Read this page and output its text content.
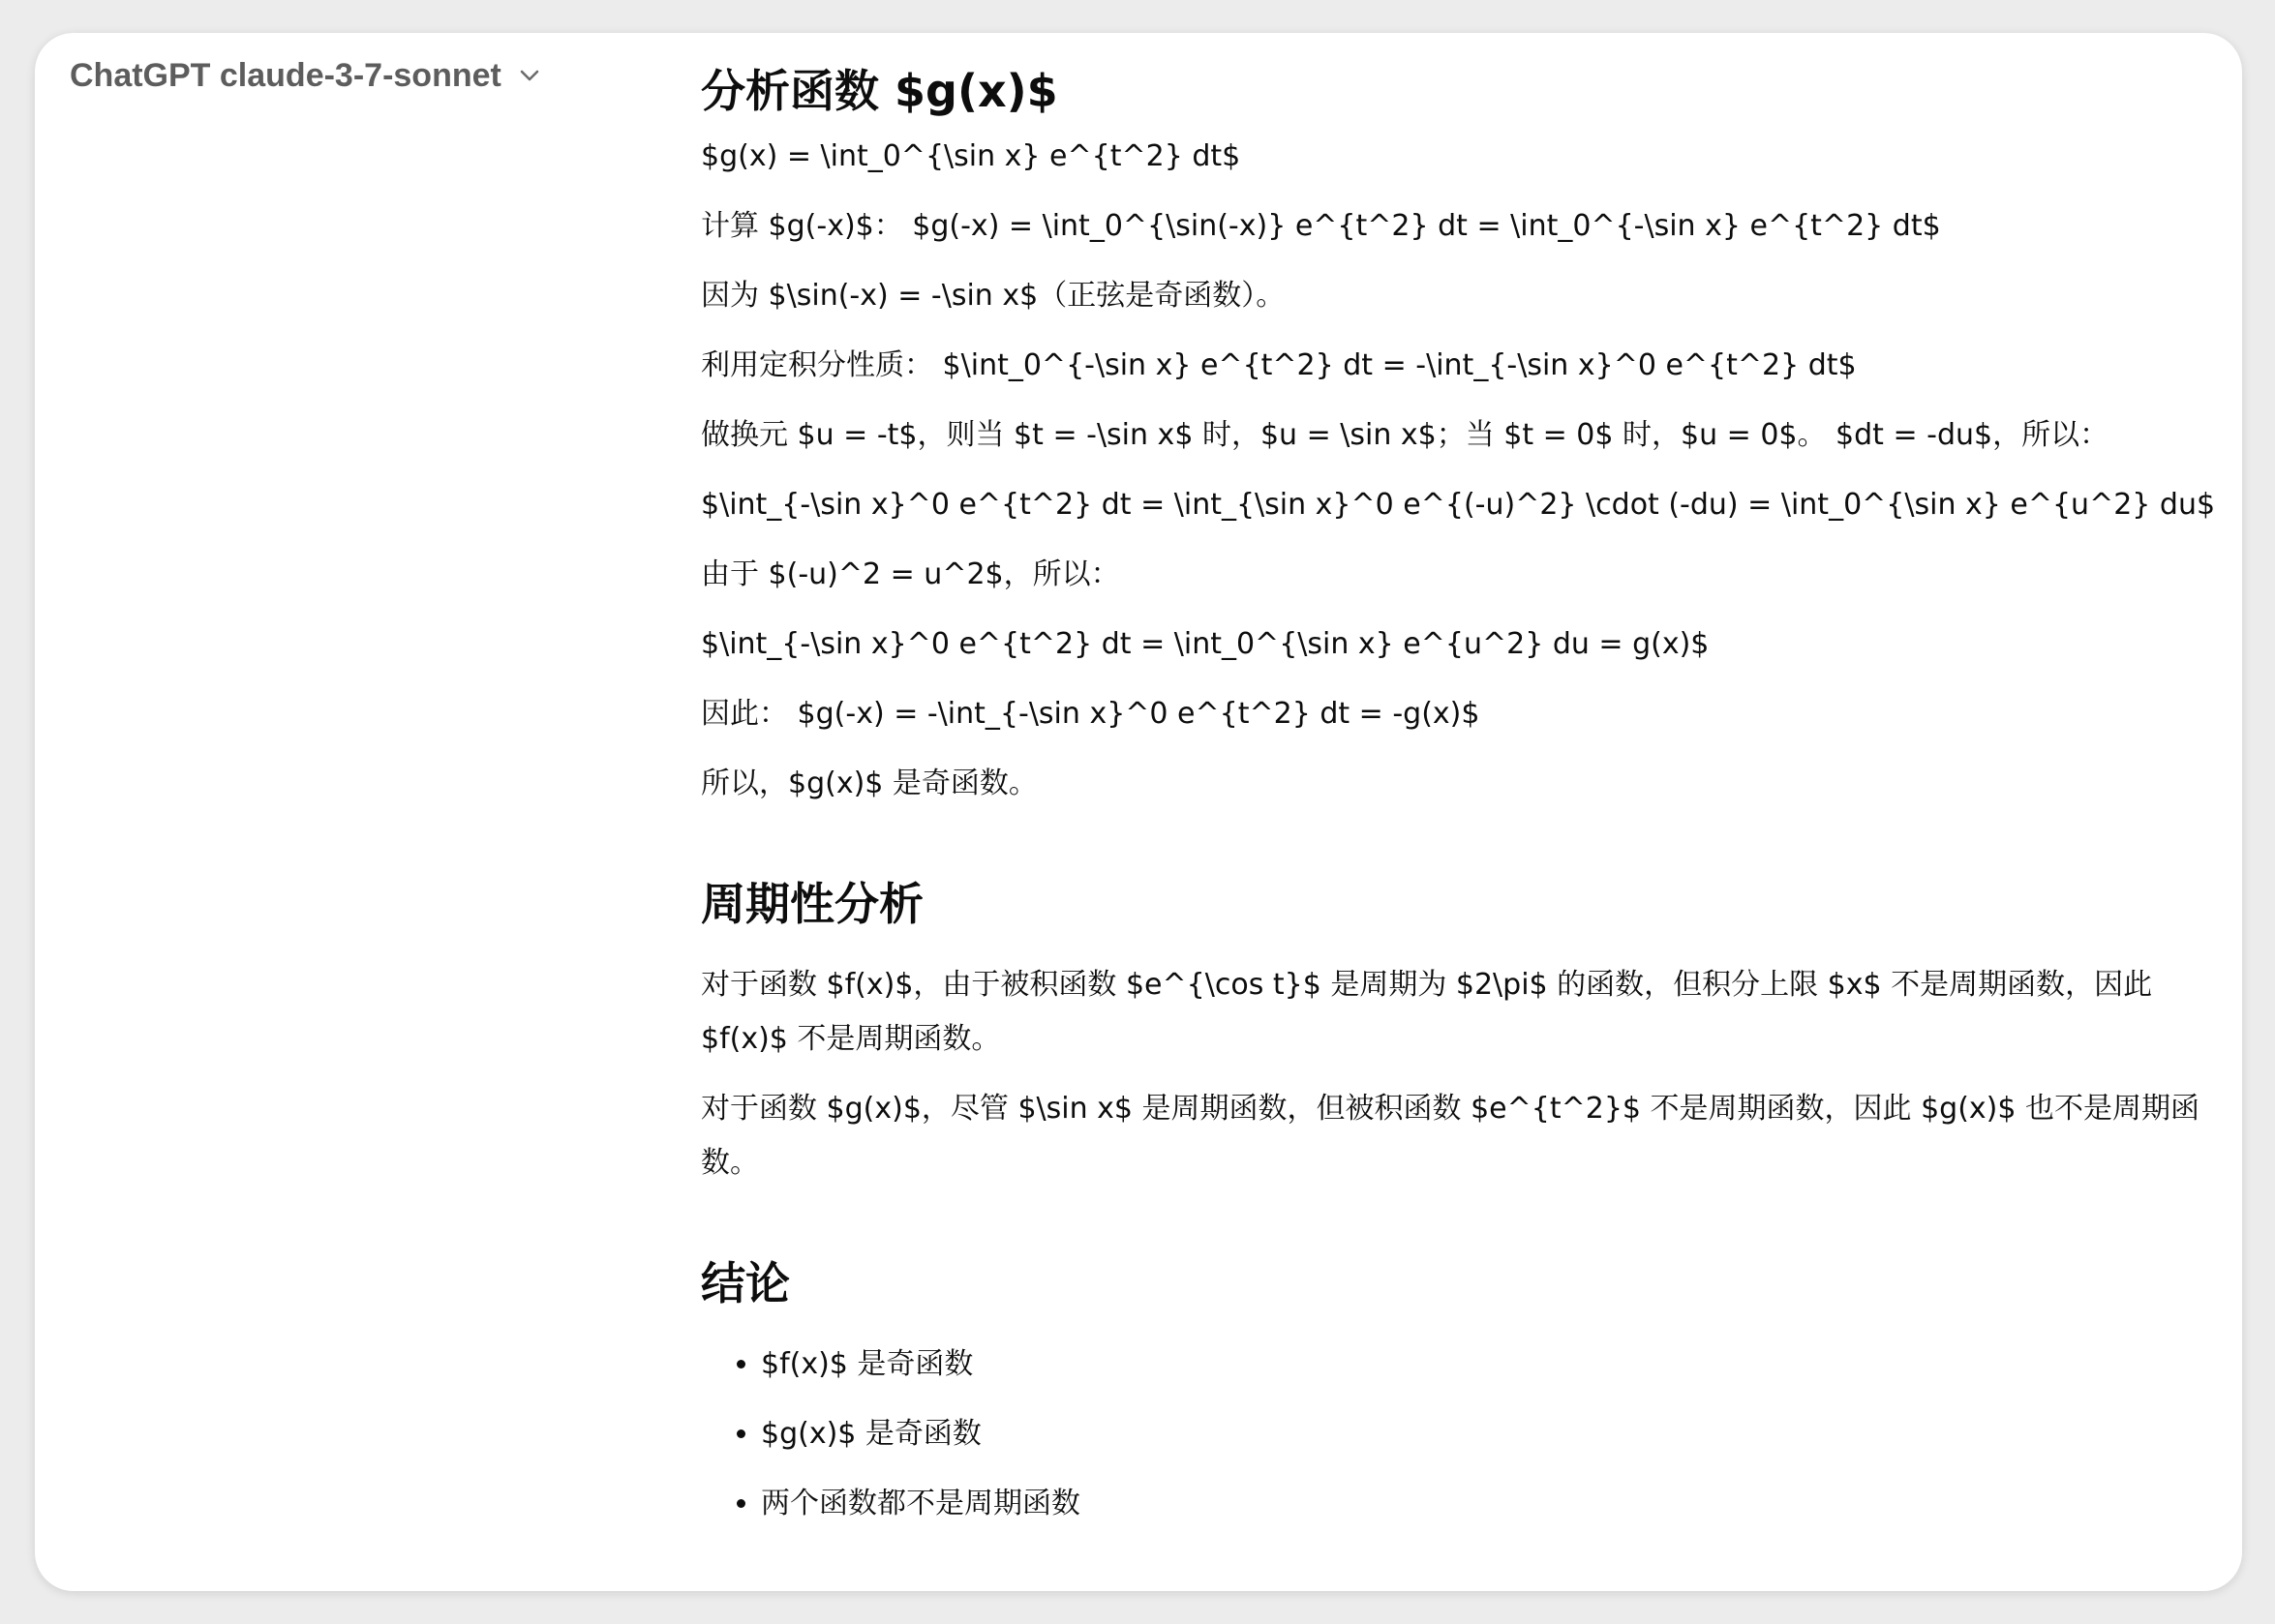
ChatGPT claude-3-7-sonnet	分析函数 $g(x)$
$g(x) = \int_0^{\sin x} e^{t^2} dt$
计算 $g(-x)$： $g(-x) = \int_0^{\sin(-x)} e^{t^2} dt = \int_0^{-\sin x} e^{t^2} dt$
因为 $\sin(-x) = -\sin x$（正弦是奇函数）。
利用定积分性质： $\int_0^{-\sin x} e^{t^2} dt = -\int_{-\sin x}^0 e^{t^2} dt$
做换元 $u = -t$，则当 $t = -\sin x$ 时，$u = \sin x$；当 $t = 0$ 时，$u = 0$。 $dt = -du$，所以：
$\int_{-\sin x}^0 e^{t^2} dt = \int_{\sin x}^0 e^{(-u)^2} \cdot (-du) = \int_0^{\sin x} e^{u^2} du$
由于 $(-u)^2 = u^2$，所以：
$\int_{-\sin x}^0 e^{t^2} dt = \int_0^{\sin x} e^{u^2} du = g(x)$
因此： $g(-x) = -\int_{-\sin x}^0 e^{t^2} dt = -g(x)$
所以，$g(x)$ 是奇函数。
周期性分析
对于函数 $f(x)$，由于被积函数 $e^{\cos t}$ 是周期为 $2\pi$ 的函数，但积分上限 $x$ 不是周期函数，因此 $f(x)$ 不是周期函数。
对于函数 $g(x)$，尽管 $\sin x$ 是周期函数，但被积函数 $e^{t^2}$ 不是周期函数，因此 $g(x)$ 也不是周期函数。
结论
• $f(x)$ 是奇函数
• $g(x)$ 是奇函数
• 两个函数都不是周期函数
